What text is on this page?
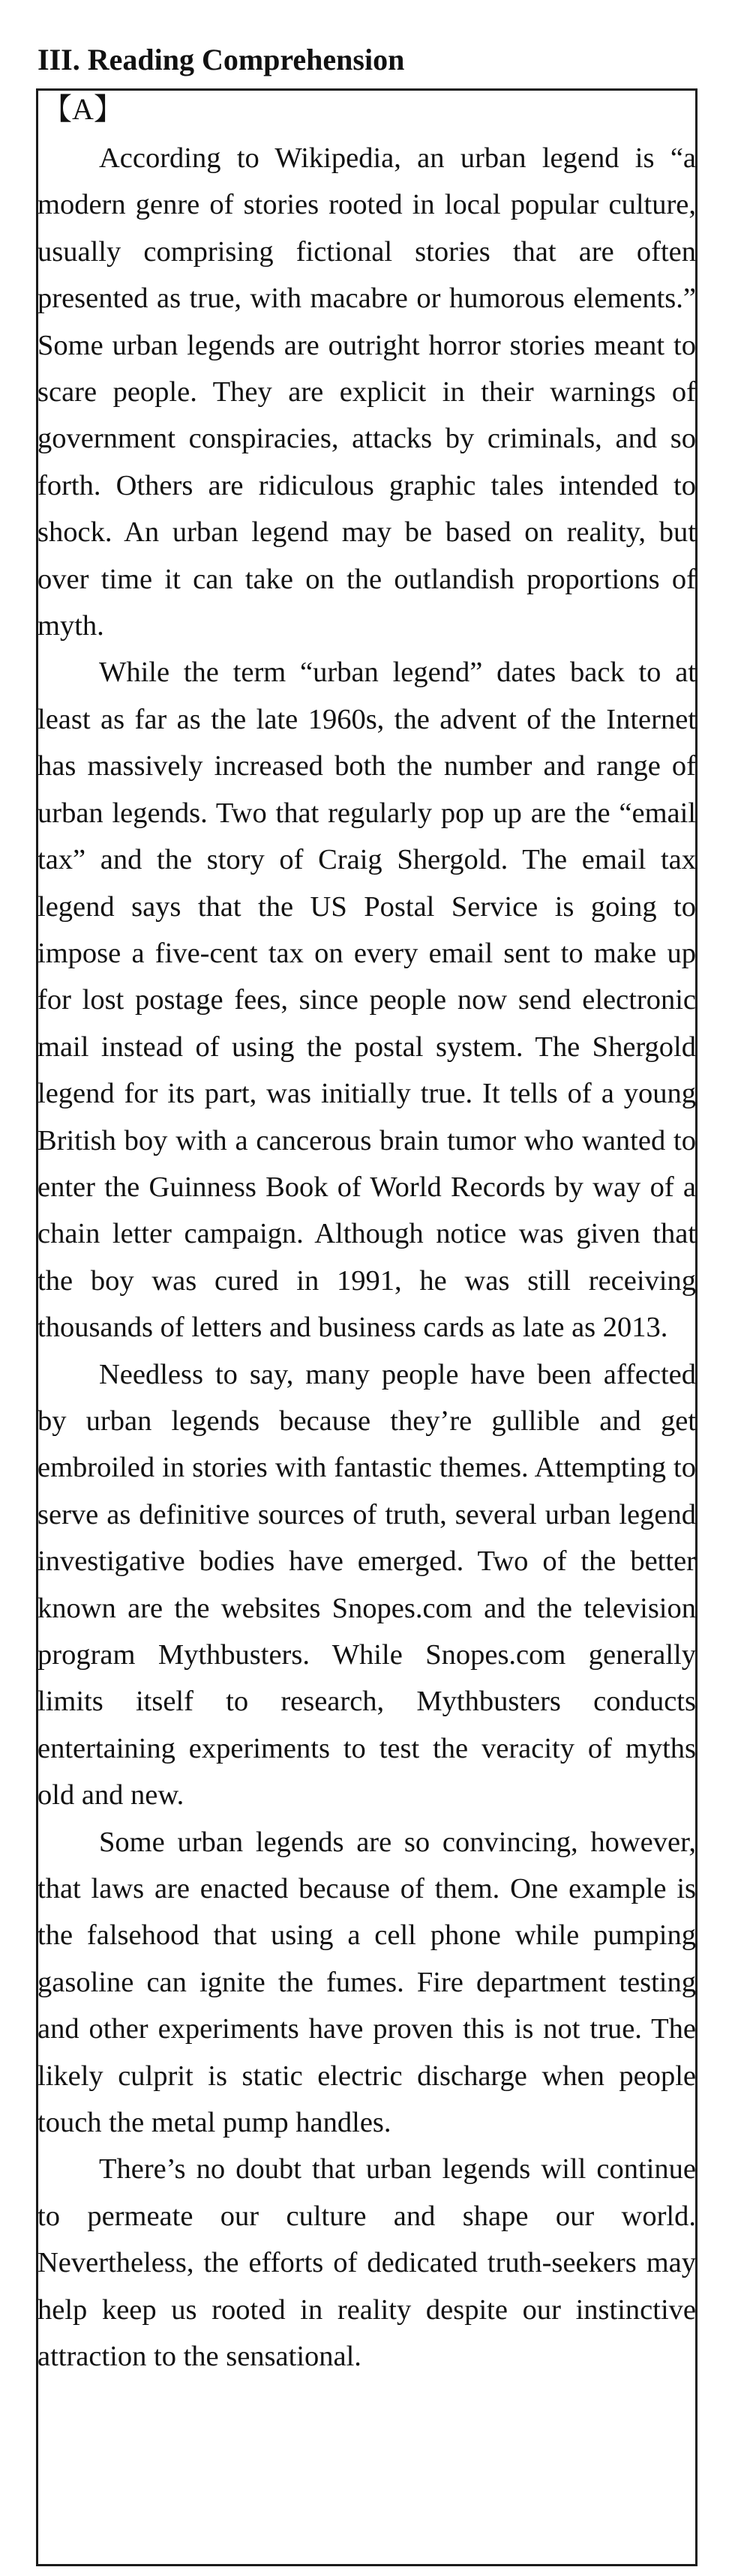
III. Reading Comprehension
【A】

According to Wikipedia, an urban legend is “a modern genre of stories rooted in local popular culture, usually comprising fictional stories that are often presented as true, with macabre or humorous elements.” Some urban legends are outright horror stories meant to scare people. They are explicit in their warnings of government conspiracies, attacks by criminals, and so forth. Others are ridiculous graphic tales intended to shock. An urban legend may be based on reality, but over time it can take on the outlandish proportions of myth.

While the term “urban legend” dates back to at least as far as the late 1960s, the advent of the Internet has massively increased both the number and range of urban legends. Two that regularly pop up are the “email tax” and the story of Craig Shergold. The email tax legend says that the US Postal Service is going to impose a five-cent tax on every email sent to make up for lost postage fees, since people now send electronic mail instead of using the postal system. The Shergold legend for its part, was initially true. It tells of a young British boy with a cancerous brain tumor who wanted to enter the Guinness Book of World Records by way of a chain letter campaign. Although notice was given that the boy was cured in 1991, he was still receiving thousands of letters and business cards as late as 2013.

Needless to say, many people have been affected by urban legends because they’re gullible and get embroiled in stories with fantastic themes. Attempting to serve as definitive sources of truth, several urban legend investigative bodies have emerged. Two of the better known are the websites Snopes.com and the television program Mythbusters. While Snopes.com generally limits itself to research, Mythbusters conducts entertaining experiments to test the veracity of myths old and new.

Some urban legends are so convincing, however, that laws are enacted because of them. One example is the falsehood that using a cell phone while pumping gasoline can ignite the fumes. Fire department testing and other experiments have proven this is not true. The likely culprit is static electric discharge when people touch the metal pump handles.

There’s no doubt that urban legends will continue to permeate our culture and shape our world. Nevertheless, the efforts of dedicated truth-seekers may help keep us rooted in reality despite our instinctive attraction to the sensational.
